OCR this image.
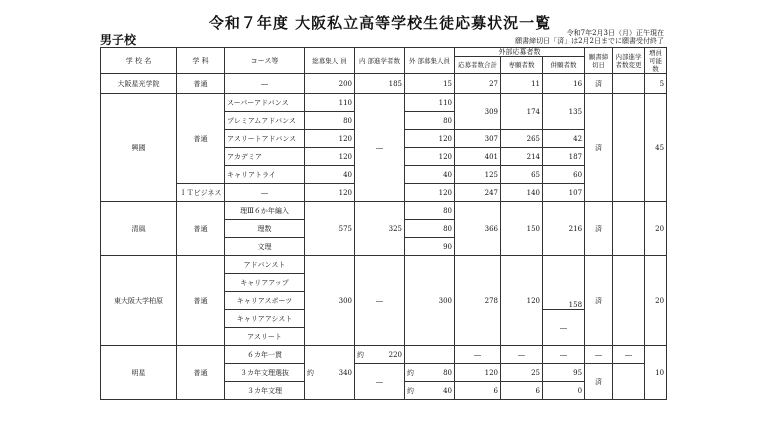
令和７年度 大阪私立高等学校生徒応募状況一覧
男子校	令和7年2月3日（月）正午現在
願書締切日「済」は2月2日までに願書受付終了
学 校 名	学 科	コース等	総募集人 員	内 部進学者数	外 部募集人員	外部応募者数			願書締切日	内部進学者数変更	増員可能数
						応募者数合計	専願者数	併願者数			
大阪星光学院	普通	―	200	185	15	27	11	16	済		5
興國	普通	スーパーアドバンス	110	―	110	309	174	135	済		45
		プレミアムアドバンス	80		80						
		アスリートアドバンス	120		120	307	265	42			
		アカデミア	120		120	401	214	187			
		キャリアトライ	40		40	125	65	60			
	ＩＴビジネス	―	120		120	247	140	107			
清風	普通	理Ⅲ６か年編入	575	325	80	366	150	216	済		20
		理数			80						
		文理			90						
東大阪大学柏原	普通	アドバンスト	300	―	300	278	120	158	済		20
		キャリアアップ									
		キャリアスポーツ									
		キャリアアシスト						―			
		アスリート									
明星	普通	６カ年一貫	約 340	約 220		―	―	―	―	―	10
		３カ年文理選抜		―	約 80	120	25	95	済		
		３カ年文理			約 40	6	6	0			
